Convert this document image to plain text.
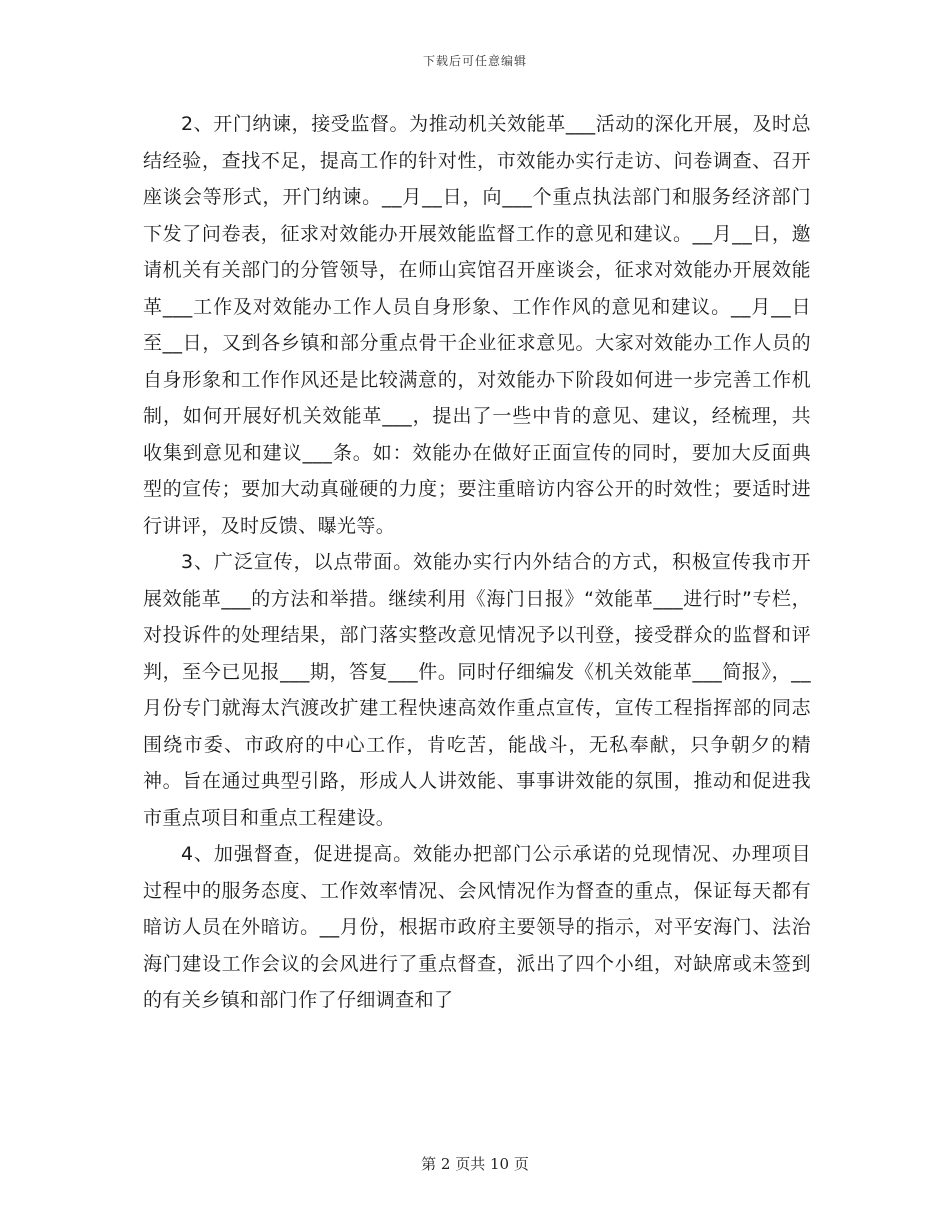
下载后可任意编辑

2、开门纳谏，接受监督。为推动机关效能革___活动的深化开展，及时总结经验，查找不足，提高工作的针对性，市效能办实行走访、问卷调查、召开座谈会等形式，开门纳谏。__月__日，向___个重点执法部门和服务经济部门下发了问卷表，征求对效能办开展效能监督工作的意见和建议。__月__日，邀请机关有关部门的分管领导，在师山宾馆召开座谈会，征求对效能办开展效能革___工作及对效能办工作人员自身形象、工作作风的意见和建议。__月__日至__日，又到各乡镇和部分重点骨干企业征求意见。大家对效能办工作人员的自身形象和工作作风还是比较满意的，对效能办下阶段如何进一步完善工作机制，如何开展好机关效能革___，提出了一些中肯的意见、建议，经梳理，共收集到意见和建议___条。如：效能办在做好正面宣传的同时，要加大反面典型的宣传；要加大动真碰硬的力度；要注重暗访内容公开的时效性；要适时进行讲评，及时反馈、曝光等。

3、广泛宣传，以点带面。效能办实行内外结合的方式，积极宣传我市开展效能革___的方法和举措。继续利用《海门日报》“效能革___进行时”专栏，对投诉件的处理结果，部门落实整改意见情况予以刊登，接受群众的监督和评判，至今已见报___期，答复___件。同时仔细编发《机关效能革___简报》，__月份专门就海太汽渡改扩建工程快速高效作重点宣传，宣传工程指挥部的同志围绕市委、市政府的中心工作，肯吃苦，能战斗，无私奉献，只争朝夕的精神。旨在通过典型引路，形成人人讲效能、事事讲效能的氛围，推动和促进我市重点项目和重点工程建设。

4、加强督查，促进提高。效能办把部门公示承诺的兑现情况、办理项目过程中的服务态度、工作效率情况、会风情况作为督查的重点，保证每天都有暗访人员在外暗访。__月份，根据市政府主要领导的指示，对平安海门、法治海门建设工作会议的会风进行了重点督查，派出了四个小组，对缺席或未签到的有关乡镇和部门作了仔细调查和了

第 2 页共 10 页
